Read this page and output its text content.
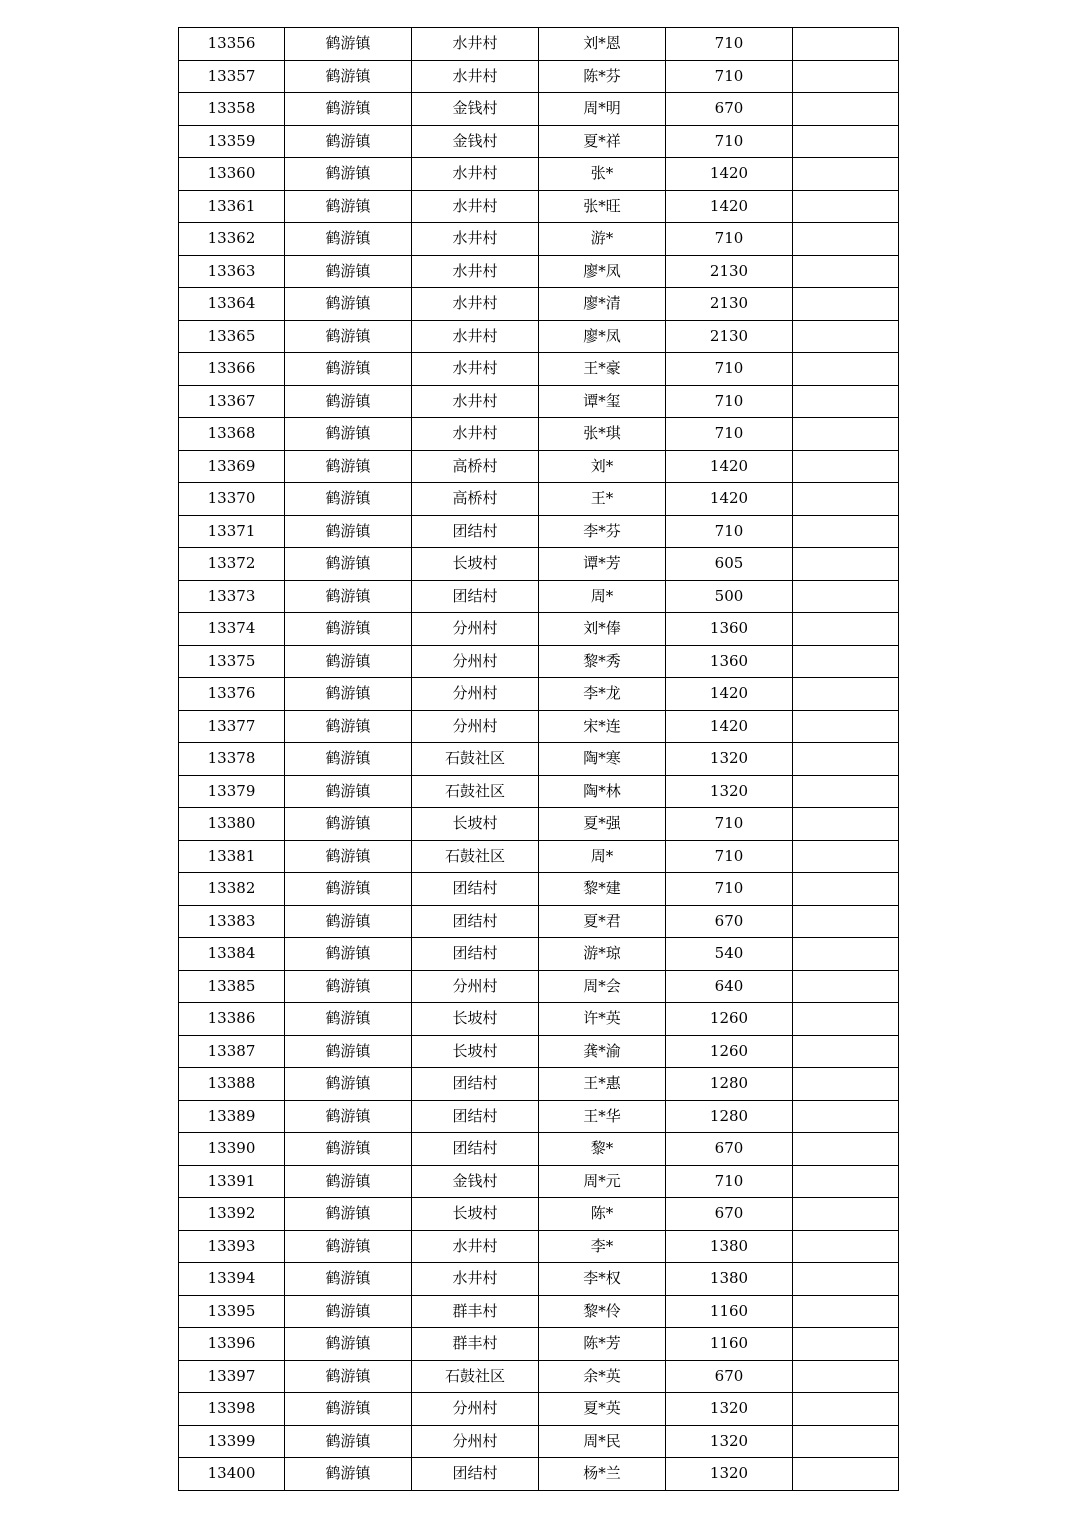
13356	鹤游镇	水井村	刘*恩	710	
13357	鹤游镇	水井村	陈*芬	710	
13358	鹤游镇	金钱村	周*明	670	
13359	鹤游镇	金钱村	夏*祥	710	
13360	鹤游镇	水井村	张*	1420	
13361	鹤游镇	水井村	张*旺	1420	
13362	鹤游镇	水井村	游*	710	
13363	鹤游镇	水井村	廖*凤	2130	
13364	鹤游镇	水井村	廖*清	2130	
13365	鹤游镇	水井村	廖*凤	2130	
13366	鹤游镇	水井村	王*豪	710	
13367	鹤游镇	水井村	谭*玺	710	
13368	鹤游镇	水井村	张*琪	710	
13369	鹤游镇	高桥村	刘*	1420	
13370	鹤游镇	高桥村	王*	1420	
13371	鹤游镇	团结村	李*芬	710	
13372	鹤游镇	长坡村	谭*芳	605	
13373	鹤游镇	团结村	周*	500	
13374	鹤游镇	分州村	刘*俸	1360	
13375	鹤游镇	分州村	黎*秀	1360	
13376	鹤游镇	分州村	李*龙	1420	
13377	鹤游镇	分州村	宋*连	1420	
13378	鹤游镇	石鼓社区	陶*寒	1320	
13379	鹤游镇	石鼓社区	陶*林	1320	
13380	鹤游镇	长坡村	夏*强	710	
13381	鹤游镇	石鼓社区	周*	710	
13382	鹤游镇	团结村	黎*建	710	
13383	鹤游镇	团结村	夏*君	670	
13384	鹤游镇	团结村	游*琼	540	
13385	鹤游镇	分州村	周*会	640	
13386	鹤游镇	长坡村	许*英	1260	
13387	鹤游镇	长坡村	龚*渝	1260	
13388	鹤游镇	团结村	王*惠	1280	
13389	鹤游镇	团结村	王*华	1280	
13390	鹤游镇	团结村	黎*	670	
13391	鹤游镇	金钱村	周*元	710	
13392	鹤游镇	长坡村	陈*	670	
13393	鹤游镇	水井村	李*	1380	
13394	鹤游镇	水井村	李*权	1380	
13395	鹤游镇	群丰村	黎*伶	1160	
13396	鹤游镇	群丰村	陈*芳	1160	
13397	鹤游镇	石鼓社区	余*英	670	
13398	鹤游镇	分州村	夏*英	1320	
13399	鹤游镇	分州村	周*民	1320	
13400	鹤游镇	团结村	杨*兰	1320	
